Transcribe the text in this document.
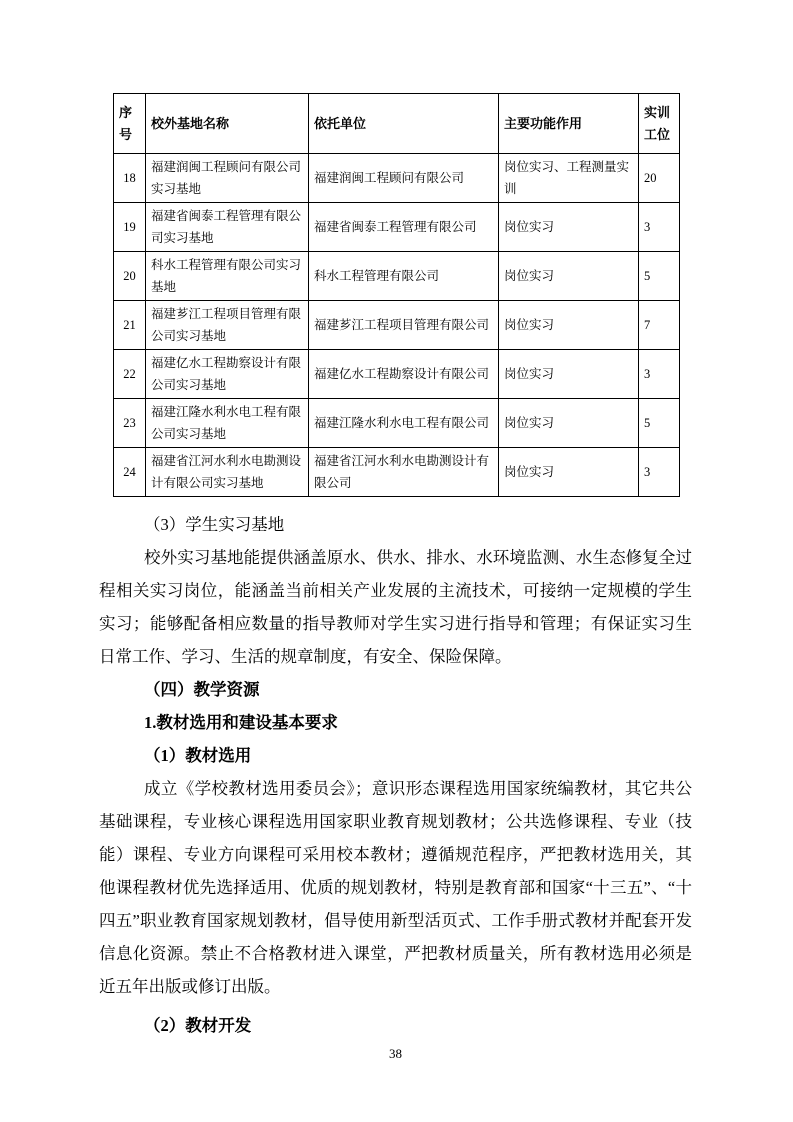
序号	校外基地名称	依托单位	主要功能作用	实训工位
18	福建润闽工程顾问有限公司实习基地	福建润闽工程顾问有限公司	岗位实习、工程测量实训	20
19	福建省闽泰工程管理有限公司实习基地	福建省闽泰工程管理有限公司	岗位实习	3
20	科水工程管理有限公司实习基地	科水工程管理有限公司	岗位实习	5
21	福建芗江工程项目管理有限公司实习基地	福建芗江工程项目管理有限公司	岗位实习	7
22	福建亿水工程勘察设计有限公司实习基地	福建亿水工程勘察设计有限公司	岗位实习	3
23	福建江隆水利水电工程有限公司实习基地	福建江隆水利水电工程有限公司	岗位实习	5
24	福建省江河水利水电勘测设计有限公司实习基地	福建省江河水利水电勘测设计有限公司	岗位实习	3
（3）学生实习基地

校外实习基地能提供涵盖原水、供水、排水、水环境监测、水生态修复全过程相关实习岗位，能涵盖当前相关产业发展的主流技术，可接纳一定规模的学生实习；能够配备相应数量的指导教师对学生实习进行指导和管理；有保证实习生日常工作、学习、生活的规章制度，有安全、保险保障。

（四）教学资源
1.教材选用和建设基本要求
（1）教材选用

成立《学校教材选用委员会》；意识形态课程选用国家统编教材，其它共公基础课程，专业核心课程选用国家职业教育规划教材；公共选修课程、专业（技能）课程、专业方向课程可采用校本教材；遵循规范程序，严把教材选用关，其他课程教材优先选择适用、优质的规划教材，特别是教育部和国家“十三五”、“十四五”职业教育国家规划教材，倡导使用新型活页式、工作手册式教材并配套开发信息化资源。禁止不合格教材进入课堂，严把教材质量关，所有教材选用必须是近五年出版或修订出版。

（2）教材开发
38
